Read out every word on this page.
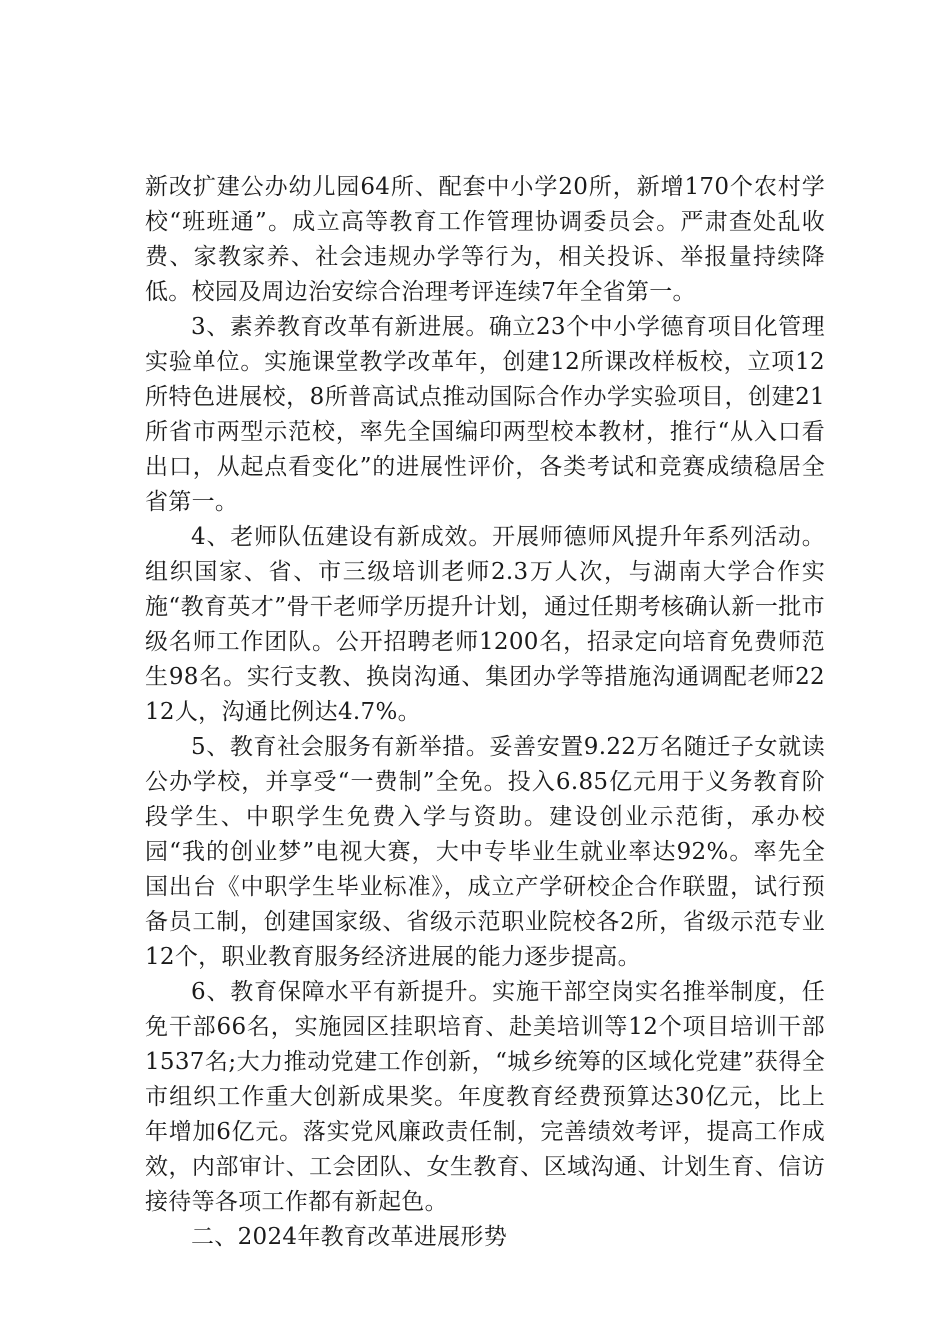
新改扩建公办幼儿园64所、配套中小学20所，新增170个农村学校“班班通”。成立高等教育工作管理协调委员会。严肃查处乱收费、家教家养、社会违规办学等行为，相关投诉、举报量持续降低。校园及周边治安综合治理考评连续7年全省第一。

3、素养教育改革有新进展。确立23个中小学德育项目化管理实验单位。实施课堂教学改革年，创建12所课改样板校，立项12所特色进展校，8所普高试点推动国际合作办学实验项目，创建21所省市两型示范校，率先全国编印两型校本教材，推行“从入口看出口，从起点看变化”的进展性评价，各类考试和竞赛成绩稳居全省第一。

4、老师队伍建设有新成效。开展师德师风提升年系列活动。组织国家、省、市三级培训老师2.3万人次，与湖南大学合作实施“教育英才”骨干老师学历提升计划，通过任期考核确认新一批市级名师工作团队。公开招聘老师1200名，招录定向培育免费师范生98名。实行支教、换岗沟通、集团办学等措施沟通调配老师2212人，沟通比例达4.7%。

5、教育社会服务有新举措。妥善安置9.22万名随迁子女就读公办学校，并享受“一费制”全免。投入6.85亿元用于义务教育阶段学生、中职学生免费入学与资助。建设创业示范街，承办校园“我的创业梦”电视大赛，大中专毕业生就业率达92%。率先全国出台《中职学生毕业标准》，成立产学研校企合作联盟，试行预备员工制，创建国家级、省级示范职业院校各2所，省级示范专业12个，职业教育服务经济进展的能力逐步提高。

6、教育保障水平有新提升。实施干部空岗实名推举制度，任免干部66名，实施园区挂职培育、赴美培训等12个项目培训干部1537名;大力推动党建工作创新，“城乡统筹的区域化党建”获得全市组织工作重大创新成果奖。年度教育经费预算达30亿元，比上年增加6亿元。落实党风廉政责任制，完善绩效考评，提高工作成效，内部审计、工会团队、女生教育、区域沟通、计划生育、信访接待等各项工作都有新起色。

二、2024年教育改革进展形势
